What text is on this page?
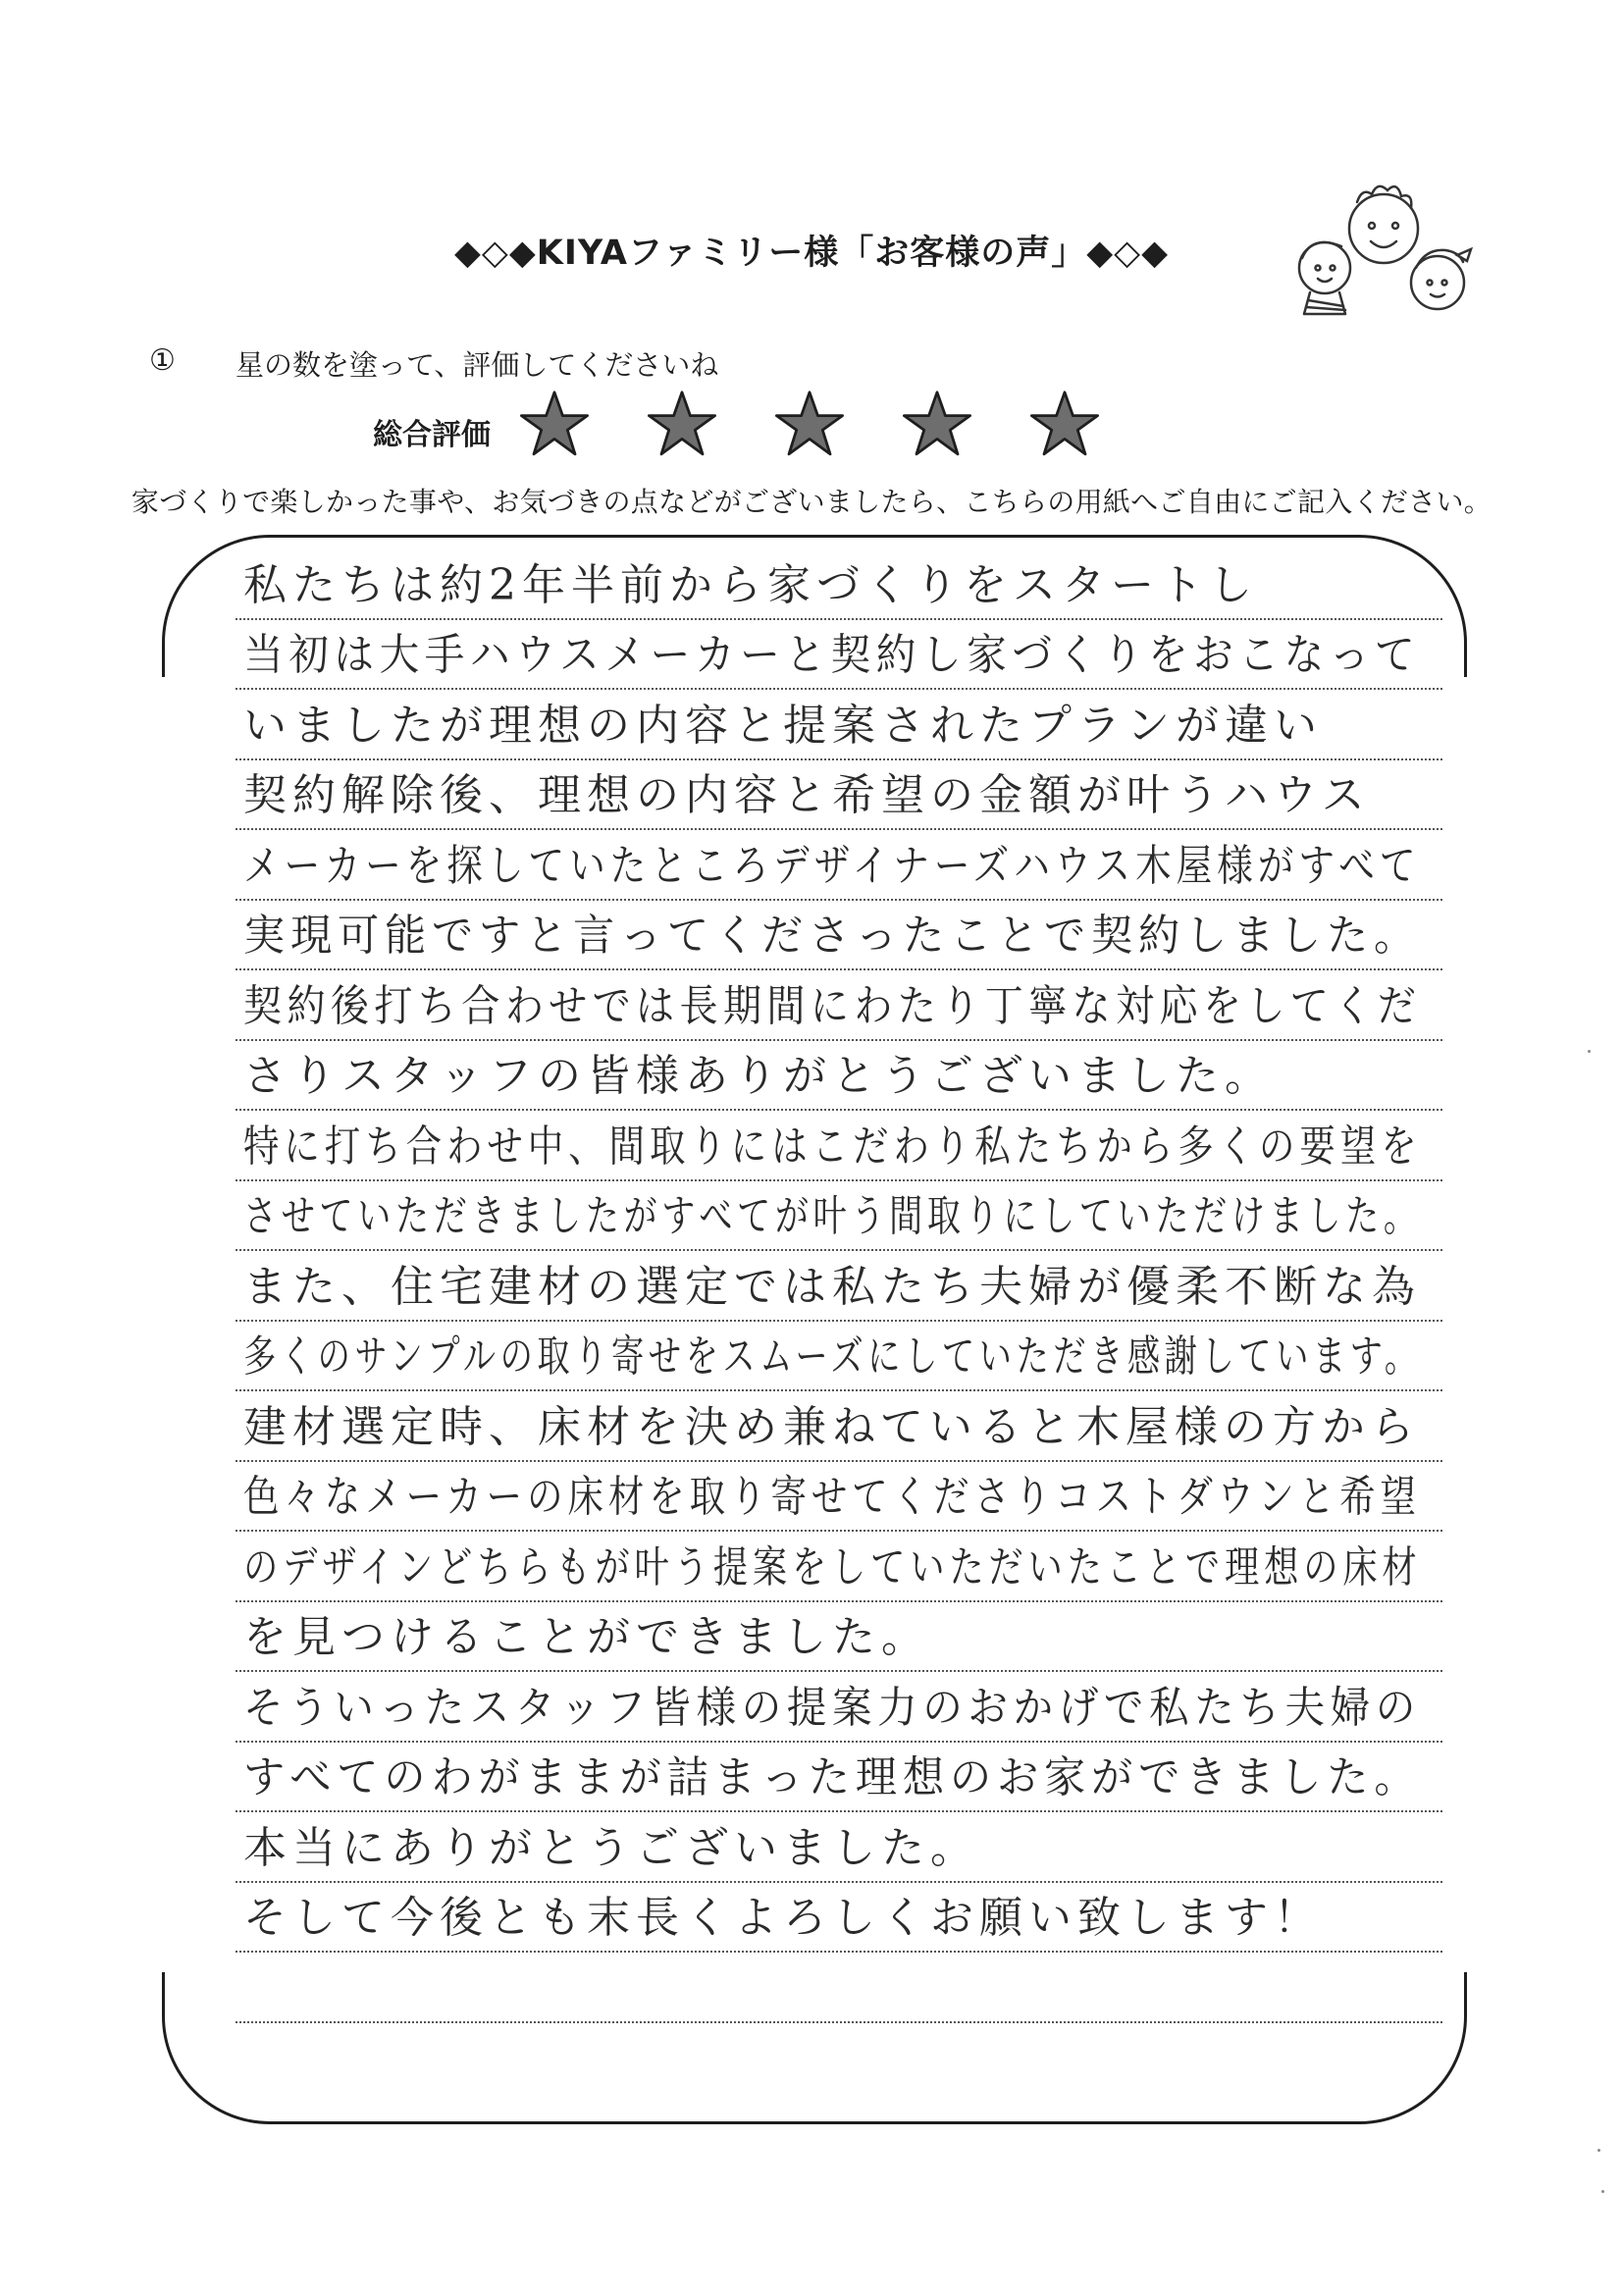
◆◇◆KIYAファミリー様「お客様の声」◆◇◆
① 星の数を塗って、評価してくださいね
総合評価
家づくりで楽しかった事や、お気づきの点などがございましたら、こちらの用紙へご自由にご記入ください。
私たちは約2年半前から家づくりをスタートし
当初は大手ハウスメーカーと契約し家づくりをおこなって
いましたが理想の内容と提案されたプランが違い
契約解除後、理想の内容と希望の金額が叶うハウス
メーカーを探していたところデザイナーズハウス木屋様がすべて
実現可能ですと言ってくださったことで契約しました。
契約後打ち合わせでは長期間にわたり丁寧な対応をしてくだ
さりスタッフの皆様ありがとうございました。
特に打ち合わせ中、間取りにはこだわり私たちから多くの要望を
させていただきましたがすべてが叶う間取りにしていただけました。
また、住宅建材の選定では私たち夫婦が優柔不断な為
多くのサンプルの取り寄せをスムーズにしていただき感謝しています。
建材選定時、床材を決め兼ねていると木屋様の方から
色々なメーカーの床材を取り寄せてくださりコストダウンと希望
のデザインどちらもが叶う提案をしていただいたことで理想の床材
を見つけることができました。
そういったスタッフ皆様の提案力のおかげで私たち夫婦の
すべてのわがままが詰まった理想のお家ができました。
本当にありがとうございました。
そして今後とも末長くよろしくお願い致します！
